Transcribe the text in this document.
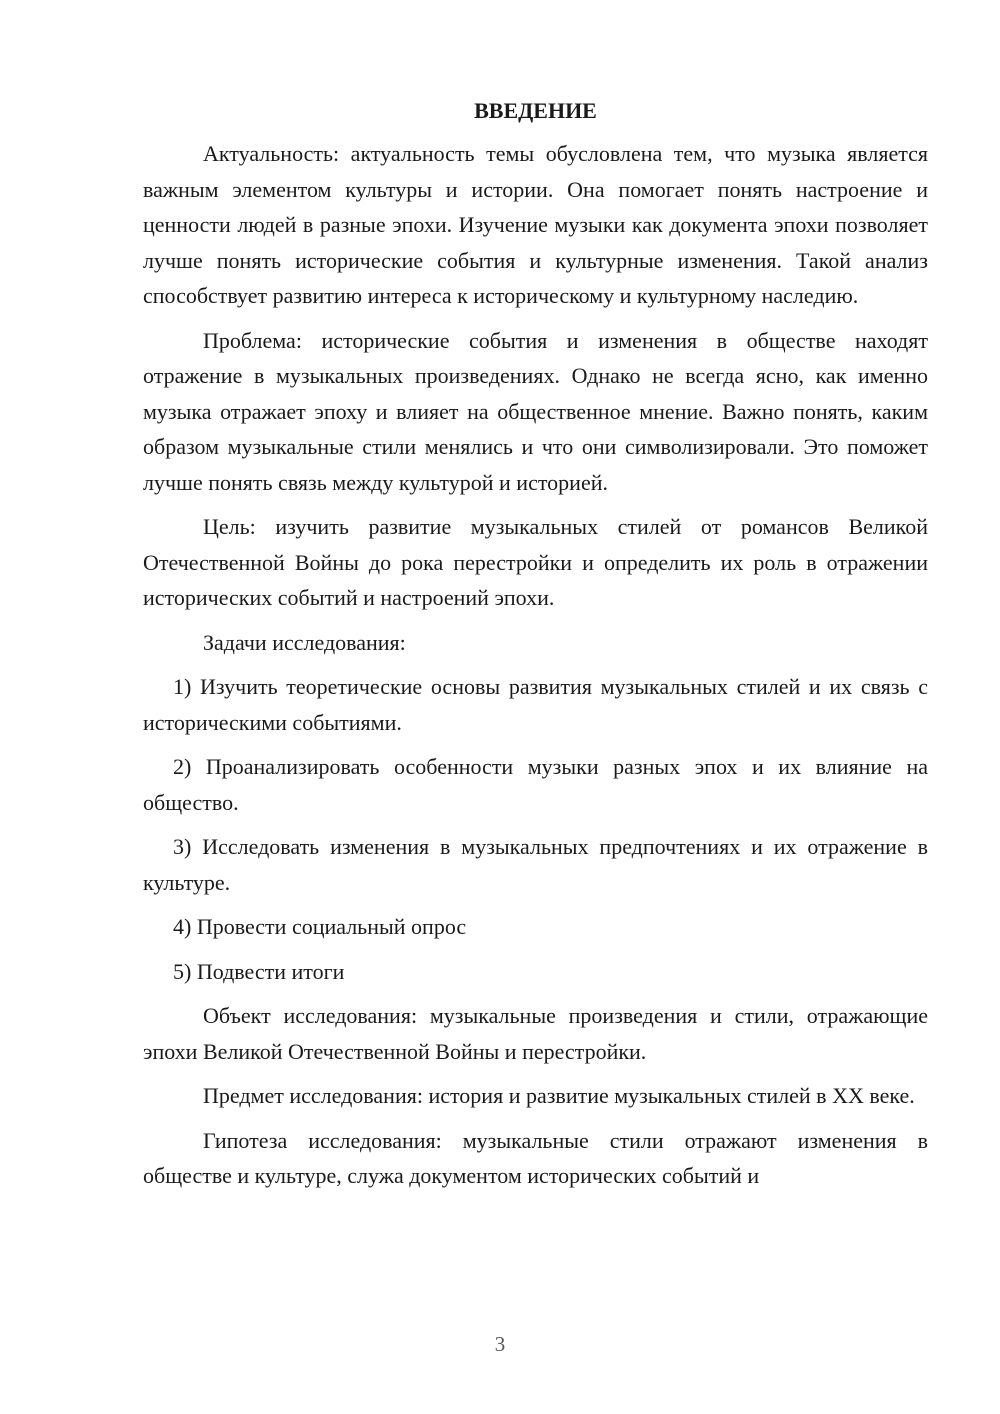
ВВЕДЕНИЕ

Актуальность: актуальность темы обусловлена тем, что музыка является важным элементом культуры и истории. Она помогает понять настроение и ценности людей в разные эпохи. Изучение музыки как документа эпохи позволяет лучше понять исторические события и культурные изменения. Такой анализ способствует развитию интереса к историческому и культурному наследию.

Проблема: исторические события и изменения в обществе находят отражение в музыкальных произведениях. Однако не всегда ясно, как именно музыка отражает эпоху и влияет на общественное мнение. Важно понять, каким образом музыкальные стили менялись и что они символизировали. Это поможет лучше понять связь между культурой и историей.

Цель: изучить развитие музыкальных стилей от романсов Великой Отечественной Войны до рока перестройки и определить их роль в отражении исторических событий и настроений эпохи.

Задачи исследования:

1) Изучить теоретические основы развития музыкальных стилей и их связь с историческими событиями.

2) Проанализировать особенности музыки разных эпох и их влияние на общество.

3) Исследовать изменения в музыкальных предпочтениях и их отражение в культуре.

4) Провести социальный опрос

5) Подвести итоги

Объект исследования: музыкальные произведения и стили, отражающие эпохи Великой Отечественной Войны и перестройки.

Предмет исследования: история и развитие музыкальных стилей в XX веке.

Гипотеза исследования: музыкальные стили отражают изменения в обществе и культуре, служа документом исторических событий и

3
